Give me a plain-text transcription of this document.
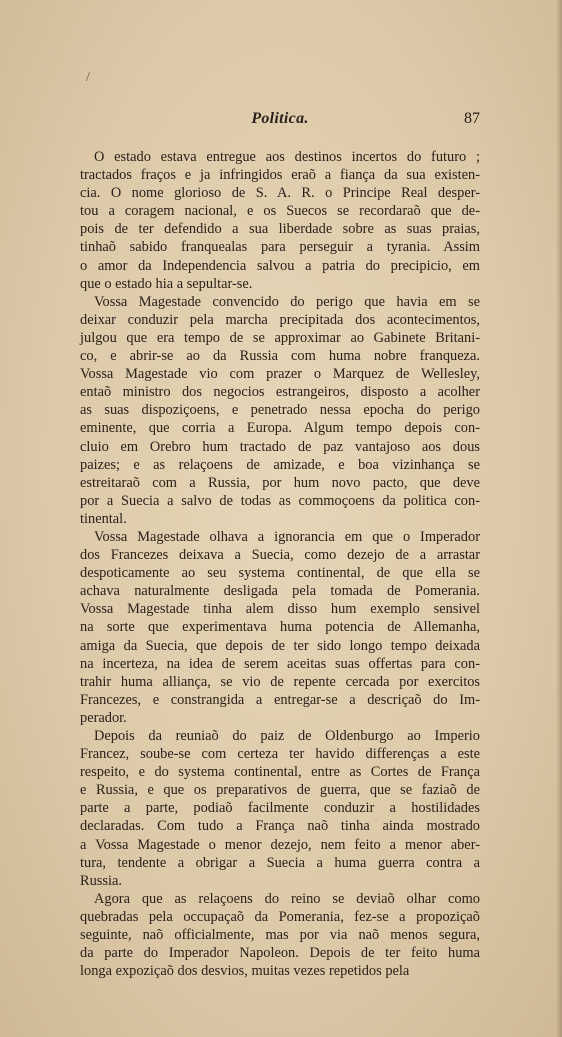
/
Politica.	87
O estado estava entregue aos destinos incertos do futuro ;
tractados fraços e ja infringidos eraõ a fiança da sua existen-
cia. O nome glorioso de S. A. R. o Principe Real desper-
tou a coragem nacional, e os Suecos se recordaraõ que de-
pois de ter defendido a sua liberdade sobre as suas praias,
tinhaõ sabido franquealas para perseguir a tyrania. Assim
o amor da Independencia salvou a patria do precipicio, em
que o estado hia a sepultar-se.
Vossa Magestade convencido do perigo que havia em se
deixar conduzir pela marcha precipitada dos acontecimentos,
julgou que era tempo de se approximar ao Gabinete Britani-
co, e abrir-se ao da Russia com huma nobre franqueza.
Vossa Magestade vio com prazer o Marquez de Wellesley,
entaõ ministro dos negocios estrangeiros, disposto a acolher
as suas dispoziçoens, e penetrado nessa epocha do perigo
eminente, que corria a Europa. Algum tempo depois con-
cluio em Orebro hum tractado de paz vantajoso aos dous
paizes; e as relaçoens de amizade, e boa vizinhança se
estreitaraõ com a Russia, por hum novo pacto, que deve
por a Suecia a salvo de todas as commoçoens da politica con-
tinental.
Vossa Magestade olhava a ignorancia em que o Imperador
dos Francezes deixava a Suecia, como dezejo de a arrastar
despoticamente ao seu systema continental, de que ella se
achava naturalmente desligada pela tomada de Pomerania.
Vossa Magestade tinha alem disso hum exemplo sensivel
na sorte que experimentava huma potencia de Allemanha,
amiga da Suecia, que depois de ter sido longo tempo deixada
na incerteza, na idea de serem aceitas suas offertas para con-
trahir huma alliança, se vio de repente cercada por exercitos
Francezes, e constrangida a entregar-se a descriçaõ do Im-
perador.
Depois da reuniaõ do paiz de Oldenburgo ao Imperio
Francez, soube-se com certeza ter havido differenças a este
respeito, e do systema continental, entre as Cortes de França
e Russia, e que os preparativos de guerra, que se faziaõ de
parte a parte, podiaõ facilmente conduzir a hostilidades
declaradas. Com tudo a França naõ tinha ainda mostrado
a Vossa Magestade o menor dezejo, nem feito a menor aber-
tura, tendente a obrigar a Suecia a huma guerra contra a
Russia.
Agora que as relaçoens do reino se deviaõ olhar como
quebradas pela occupaçaõ da Pomerania, fez-se a propoziçaõ
seguinte, naõ officialmente, mas por via naõ menos segura,
da parte do Imperador Napoleon. Depois de ter feito huma
longa expoziçaõ dos desvios, muitas vezes repetidos pela
